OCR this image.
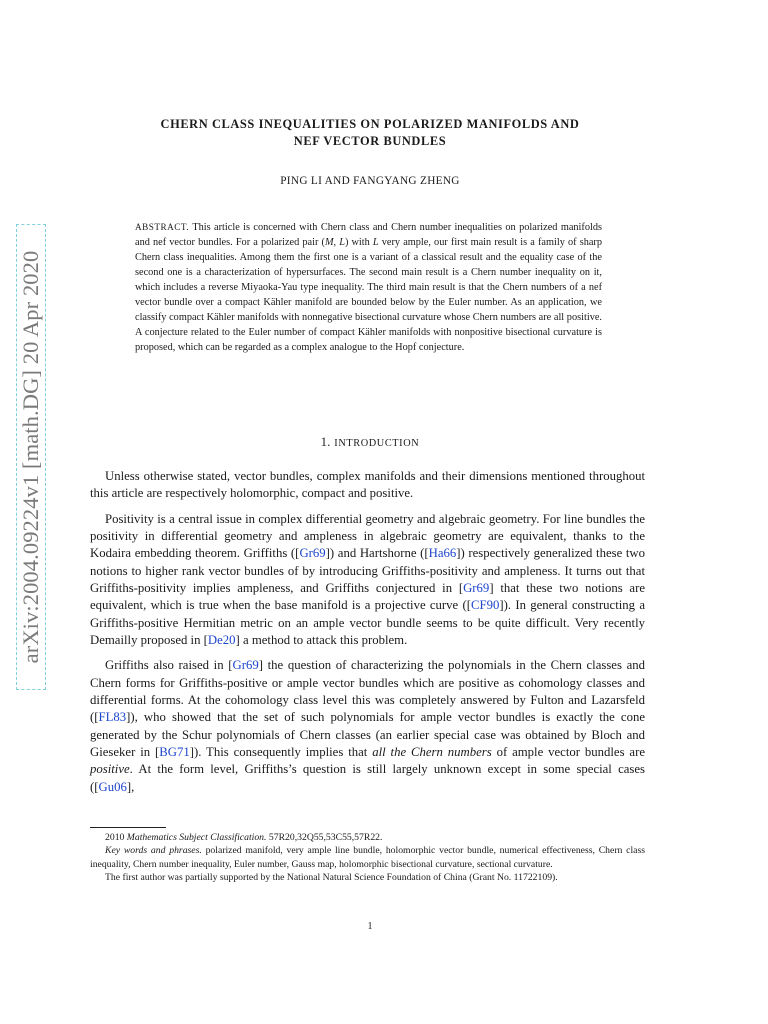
arXiv:2004.09224v1 [math.DG] 20 Apr 2020
CHERN CLASS INEQUALITIES ON POLARIZED MANIFOLDS AND
NEF VECTOR BUNDLES
PING LI AND FANGYANG ZHENG

ABSTRACT. This article is concerned with Chern class and Chern number inequalities on polarized manifolds and nef vector bundles. For a polarized pair (M, L) with L very ample, our first main result is a family of sharp Chern class inequalities. Among them the first one is a variant of a classical result and the equality case of the second one is a characterization of hypersurfaces. The second main result is a Chern number inequality on it, which includes a reverse Miyaoka-Yau type inequality. The third main result is that the Chern numbers of a nef vector bundle over a compact Kähler manifold are bounded below by the Euler number. As an application, we classify compact Kähler manifolds with nonnegative bisectional curvature whose Chern numbers are all positive. A conjecture related to the Euler number of compact Kähler manifolds with nonpositive bisectional curvature is proposed, which can be regarded as a complex analogue to the Hopf conjecture.

1. INTRODUCTION

Unless otherwise stated, vector bundles, complex manifolds and their dimensions mentioned throughout this article are respectively holomorphic, compact and positive.

Positivity is a central issue in complex differential geometry and algebraic geometry. For line bundles the positivity in differential geometry and ampleness in algebraic geometry are equivalent, thanks to the Kodaira embedding theorem. Griffiths ([Gr69]) and Hartshorne ([Ha66]) respectively generalized these two notions to higher rank vector bundles of by introducing Griffiths-positivity and ampleness. It turns out that Griffiths-positivity implies ampleness, and Griffiths conjectured in [Gr69] that these two notions are equivalent, which is true when the base manifold is a projective curve ([CF90]). In general constructing a Griffiths-positive Hermitian metric on an ample vector bundle seems to be quite difficult. Very recently Demailly proposed in [De20] a method to attack this problem.

Griffiths also raised in [Gr69] the question of characterizing the polynomials in the Chern classes and Chern forms for Griffiths-positive or ample vector bundles which are positive as cohomology classes and differential forms. At the cohomology class level this was completely answered by Fulton and Lazarsfeld ([FL83]), who showed that the set of such polynomials for ample vector bundles is exactly the cone generated by the Schur polynomials of Chern classes (an earlier special case was obtained by Bloch and Gieseker in [BG71]). This consequently implies that all the Chern numbers of ample vector bundles are positive. At the form level, Griffiths’s question is still largely unknown except in some special cases ([Gu06],

2010 Mathematics Subject Classification. 57R20,32Q55,53C55,57R22.

Key words and phrases. polarized manifold, very ample line bundle, holomorphic vector bundle, numerical effectiveness, Chern class inequality, Chern number inequality, Euler number, Gauss map, holomorphic bisectional curvature, sectional curvature.

The first author was partially supported by the National Natural Science Foundation of China (Grant No. 11722109).

1
